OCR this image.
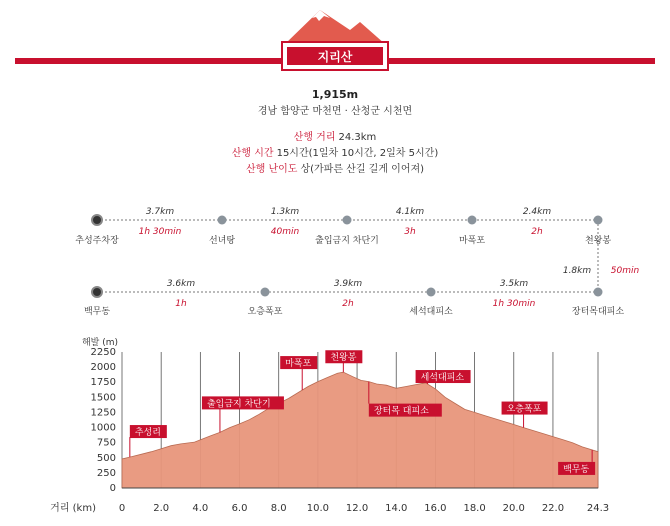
지리산
1,915m
경남 함양군 마천면 · 산청군 시천면
산행 거리 24.3km
산행 시간 15시간(1일차 10시간, 2일차 5시간)
산행 난이도 상(가파른 산길 길게 이어져)
추성주차장	선녀탕	출입금지 차단기	마폭포	천왕봉
3.7km
1h 30min
1.3km
40min
4.1km
3h
2.4km
2h
1.8km 50min
백무동	오층폭포	세석대피소	장터목대피소
3.6km
1h
3.9km
2h
3.5km
1h 30min
해발 (m)
거리 (km)
0
250
500
750
1000
1250
1500
1750
2000
2250
0	2.0 4.0 6.0 8.0 10.0 12.0 14.0 16.0 18.0 20.0 22.0 24.3
추성리
출입금지 차단기
마폭포
천왕봉
장터목 대피소
세석대피소
오층폭포
백무동
